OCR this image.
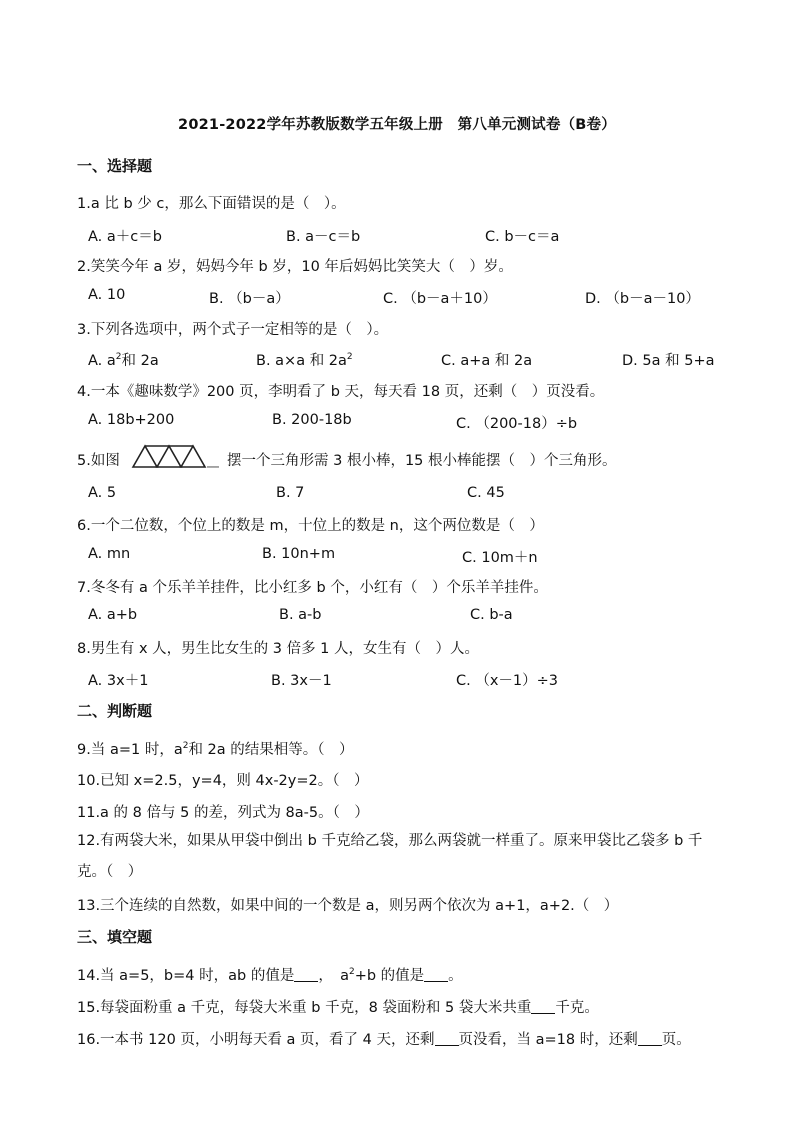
2021-2022学年苏教版数学五年级上册　第八单元测试卷（B卷）
一、选择题
1.a 比 b 少 c，那么下面错误的是（　）。
A. a＋c＝b	B. a－c＝b	C. b－c＝a
2.笑笑今年 a 岁，妈妈今年 b 岁，10 年后妈妈比笑笑大（　）岁。
A. 10	B. （b－a）	C. （b－a＋10）	D. （b－a－10）
3.下列各选项中，两个式子一定相等的是（　）。
A. $a^2$和 2a	B. a×a 和 $2a^2$	C. a+a 和 2a	D. 5a 和 5+a
4.一本《趣味数学》200 页，李明看了 b 天，每天看 18 页，还剩（　）页没看。
A. 18b+200	B. 200-18b	C. （200-18）÷b
5.如图	摆一个三角形需 3 根小棒，15 根小棒能摆（　）个三角形。
A. 5	B. 7	C. 45
6.一个二位数，个位上的数是 m，十位上的数是 n，这个两位数是（　）
A. mn	B. 10n+m	C. 10m＋n
7.冬冬有 a 个乐羊羊挂件，比小红多 b 个，小红有（　）个乐羊羊挂件。
A. a+b	B. a-b	C. b-a
8.男生有 x 人，男生比女生的 3 倍多 1 人，女生有（　）人。
A. 3x＋1	B. 3x－1	C. （x－1）÷3
二、判断题
9.当 a=1 时，$a^2$和 2a 的结果相等。（　）
10.已知 x=2.5，y=4，则 4x-2y=2。（　）
11.a 的 8 倍与 5 的差，列式为 8a-5。（　）
12.有两袋大米，如果从甲袋中倒出 b 千克给乙袋，那么两袋就一样重了。原来甲袋比乙袋多 b 千克。（　）
13.三个连续的自然数，如果中间的一个数是 a，则另两个依次为 a+1，a+2.（　）
三、填空题
14.当 a=5，b=4 时，ab 的值是 ，　$a^2+b$ 的值是 。
15.每袋面粉重 a 千克，每袋大米重 b 千克，8 袋面粉和 5 袋大米共重 千克。
16.一本书 120 页，小明每天看 a 页，看了 4 天，还剩 页没看，当 a=18 时，还剩 页。
